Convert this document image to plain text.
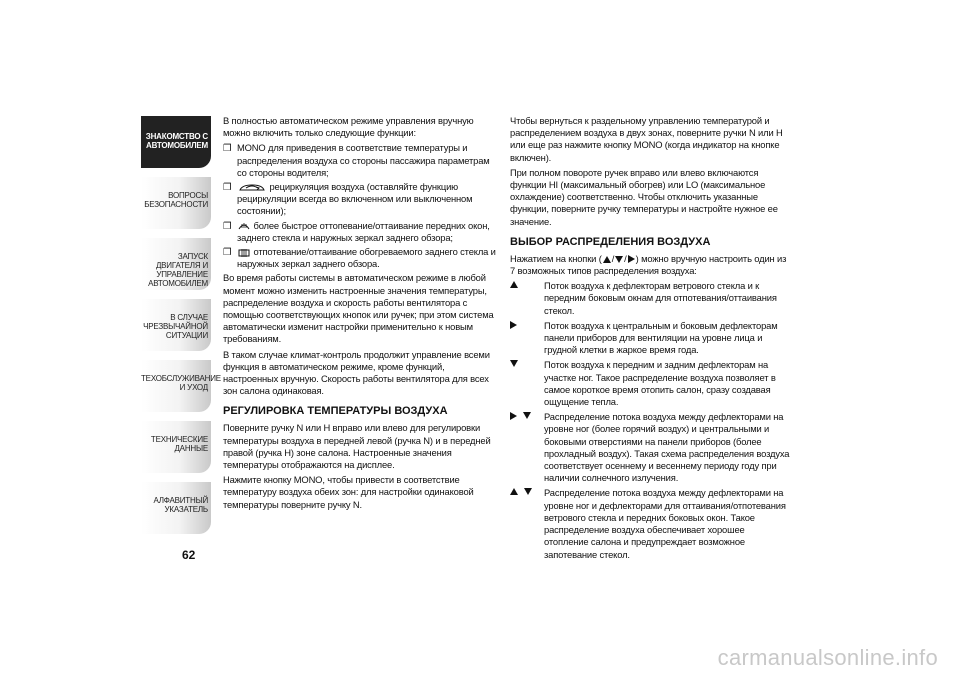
ЗНАКОМСТВО С
АВТОМОБИЛЕМ
ВОПРОСЫ
БЕЗОПАСНОСТИ
ЗАПУСК ДВИГАТЕЛЯ И
УПРАВЛЕНИЕ
АВТОМОБИЛЕМ
В СЛУЧАЕ
ЧРЕЗВЫЧАЙНОЙ
СИТУАЦИИ
ТЕХОБСЛУЖИВАНИЕ
И УХОД
ТЕХНИЧЕСКИЕ
ДАННЫЕ
АЛФАВИТНЫЙ
УКАЗАТЕЛЬ
62

В полностью автоматическом режиме управления вручную можно включить только следующие функции:

❒ MONO для приведения в соответствие температуры и распределения воздуха со стороны пассажира параметрам со стороны водителя;
❒	рециркуляция воздуха (оставляйте функцию рециркуляции всегда во включенном или выключенном состоянии);
❒ более быстрое оттопевание/оттаивание передних окон, заднего стекла и наружных зеркал заднего обзора;
❒ отпотевание/оттаивание обогреваемого заднего стекла и наружных зеркал заднего обзора.

Во время работы системы в автоматическом режиме в любой момент можно изменить настроенные значения температуры, распределение воздуха и скорость работы вентилятора с помощью соответствующих кнопок или ручек; при этом система автоматически изменит настройки применительно к новым требованиям.

В таком случае климат-контроль продолжит управление всеми функция в автоматическом режиме, кроме функций, настроенных вручную. Скорость работы вентилятора для всех зон салона одинаковая.

РЕГУЛИРОВКА ТЕМПЕРАТУРЫ ВОЗДУХА

Поверните ручку N или H вправо или влево для регулировки температуры воздуха в передней левой (ручка N) и в передней правой (ручка H) зоне салона. Настроенные значения температуры отображаются на дисплее.

Нажмите кнопку MONO, чтобы привести в соответствие температуру воздуха обеих зон: для настройки одинаковой температуры поверните ручку N.

Чтобы вернуться к раздельному управлению температурой и распределением воздуха в двух зонах, поверните ручки N или H или еще раз нажмите кнопку MONO (когда индикатор на кнопке включен).

При полном повороте ручек вправо или влево включаются функции HI (максимальный обогрев) или LO (максимальное охлаждение) соответственно. Чтобы отключить указанные функции, поверните ручку температуры и настройте нужное ее значение.

ВЫБОР РАСПРЕДЕЛЕНИЯ ВОЗДУХА

Нажатием на кнопки ( / / ) можно вручную настроить один из 7 возможных типов распределения воздуха:

Поток воздуха к дефлекторам ветрового стекла и к передним боковым окнам для отпотевания/оттаивания стекол.
Поток воздуха к центральным и боковым дефлекторам панели приборов для вентиляции на уровне лица и грудной клетки в жаркое время года.
Поток воздуха к передним и задним дефлекторам на участке ног. Такое распределение воздуха позволяет в самое короткое время отопить салон, сразу создавая ощущение тепла.
Распределение потока воздуха между дефлекторами на уровне ног (более горячий воздух) и центральными и боковыми отверстиями на панели приборов (более прохладный воздух). Такая схема распределения воздуха соответствует осеннему и весеннему периоду году при наличии солнечного излучения.
Распределение потока воздуха между дефлекторами на уровне ног и дефлекторами для оттаивания/отпотевания ветрового стекла и передних боковых окон. Такое распределение воздуха обеспечивает хорошее отопление салона и предупреждает возможное запотевание стекол.
carmanualsonline.info
